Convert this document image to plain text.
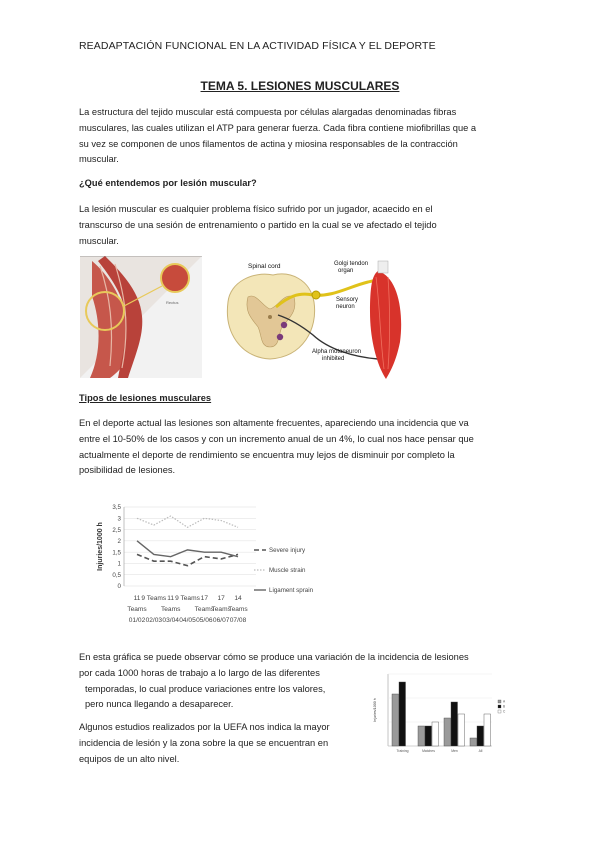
READAPTACIÓN FUNCIONAL EN LA ACTIVIDAD FÍSICA Y EL DEPORTE
TEMA 5. LESIONES MUSCULARES
La estructura del tejido muscular está compuesta por células alargadas denominadas fibras
musculares, las cuales utilizan el ATP para generar fuerza. Cada fibra contiene miofibrillas que a
su vez se componen de unos filamentos de actina y miosina responsables de la contracción
muscular.
¿Qué entendemos por lesión muscular?
La lesión muscular es cualquier problema físico sufrido por un jugador, acaecido en el
transcurso de una sesión de entrenamiento o partido en la cual se ve afectado el tejido
muscular.
Rectus
Spinal cord	Golgi tendon
organ
Sensory
neuron
Alpha motoneuron
inhibited
Tipos de lesiones musculares
En el deporte actual las lesiones son altamente frecuentes, apareciendo una incidencia que va
entre el 10-50% de los casos y con un incremento anual de un 4%, lo cual nos hace pensar que
actualmente el deporte de rendimiento se encuentra muy lejos de disminuir por completo la
posibilidad de lesiones.
Injuries/1000 h
0
0,5
1
1,5
2
2,5
3
3,5
11
Teams
01/02
9 Teams
02/03
11
Teams
03/04
9 Teams
04/05
17
Teams
05/06
17
Teams
06/07
14
Teams
07/08
Severe injury
Muscle strain
Ligament sprain
En esta gráfica se puede observar cómo se produce una variación de la incidencia de lesiones
por cada 1000 horas de trabajo a lo largo de las diferentes
temporadas, lo cual produce variaciones entre los valores,
pero nunca llegando a desaparecer.
Algunos estudios realizados por la UEFA nos indica la mayor
incidencia de lesión y la zona sobre la que se encuentran en
equipos de un alto nivel.
Injuries/1000 h
Training	Matches	Men	All
A
B
C
